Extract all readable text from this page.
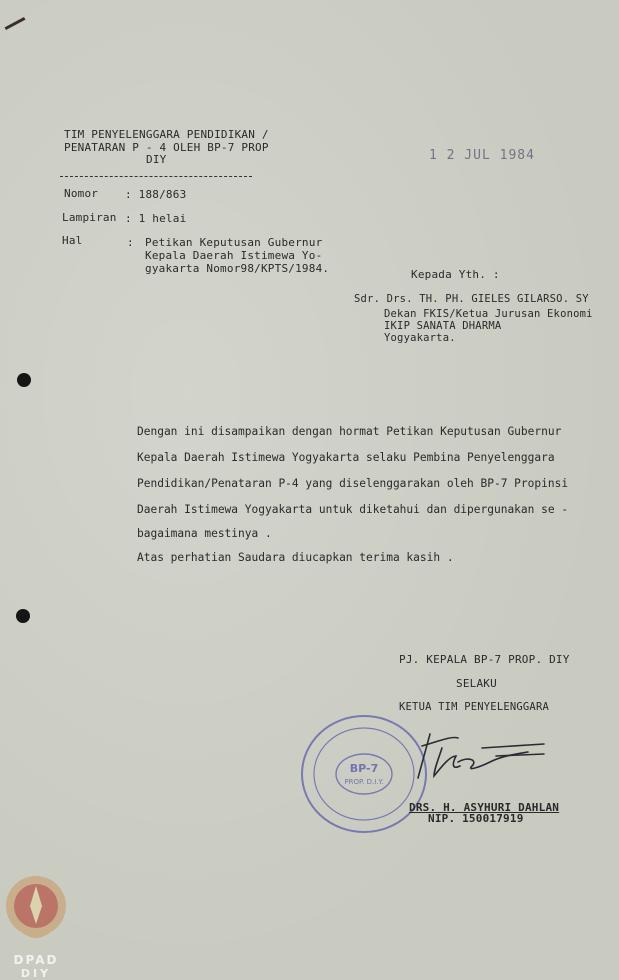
TIM PENYELENGGARA PENDIDIKAN /
PENATARAN P - 4 OLEH BP-7 PROP
DIY	1 2 JUL 1984
Nomor : 188/863
Lampiran : 1 helai
Hal	: Petikan Keputusan Gubernur
Kepala Daerah Istimewa Yo-
gyakarta Nomor98/KPTS/1984.	Kepada Yth. :
Sdr. Drs. TH. PH. GIELES GILARSO. SY
Dekan FKIS/Ketua Jurusan Ekonomi
IKIP SANATA DHARMA
Yogyakarta.
Dengan ini disampaikan dengan hormat Petikan Keputusan Gubernur
Kepala Daerah Istimewa Yogyakarta selaku Pembina Penyelenggara
Pendidikan/Penataran P-4 yang diselenggarakan oleh BP-7 Propinsi
Daerah Istimewa Yogyakarta untuk diketahui dan dipergunakan se -
bagaimana mestinya .
Atas perhatian Saudara diucapkan terima kasih .
PJ. KEPALA BP-7 PROP. DIY
SELAKU
KETUA TIM PENYELENGGARA
BP-7
PROP. D.I.Y.
DRS. H. ASYHURI DAHLAN
NIP. 150017919
DPAD
DIY
